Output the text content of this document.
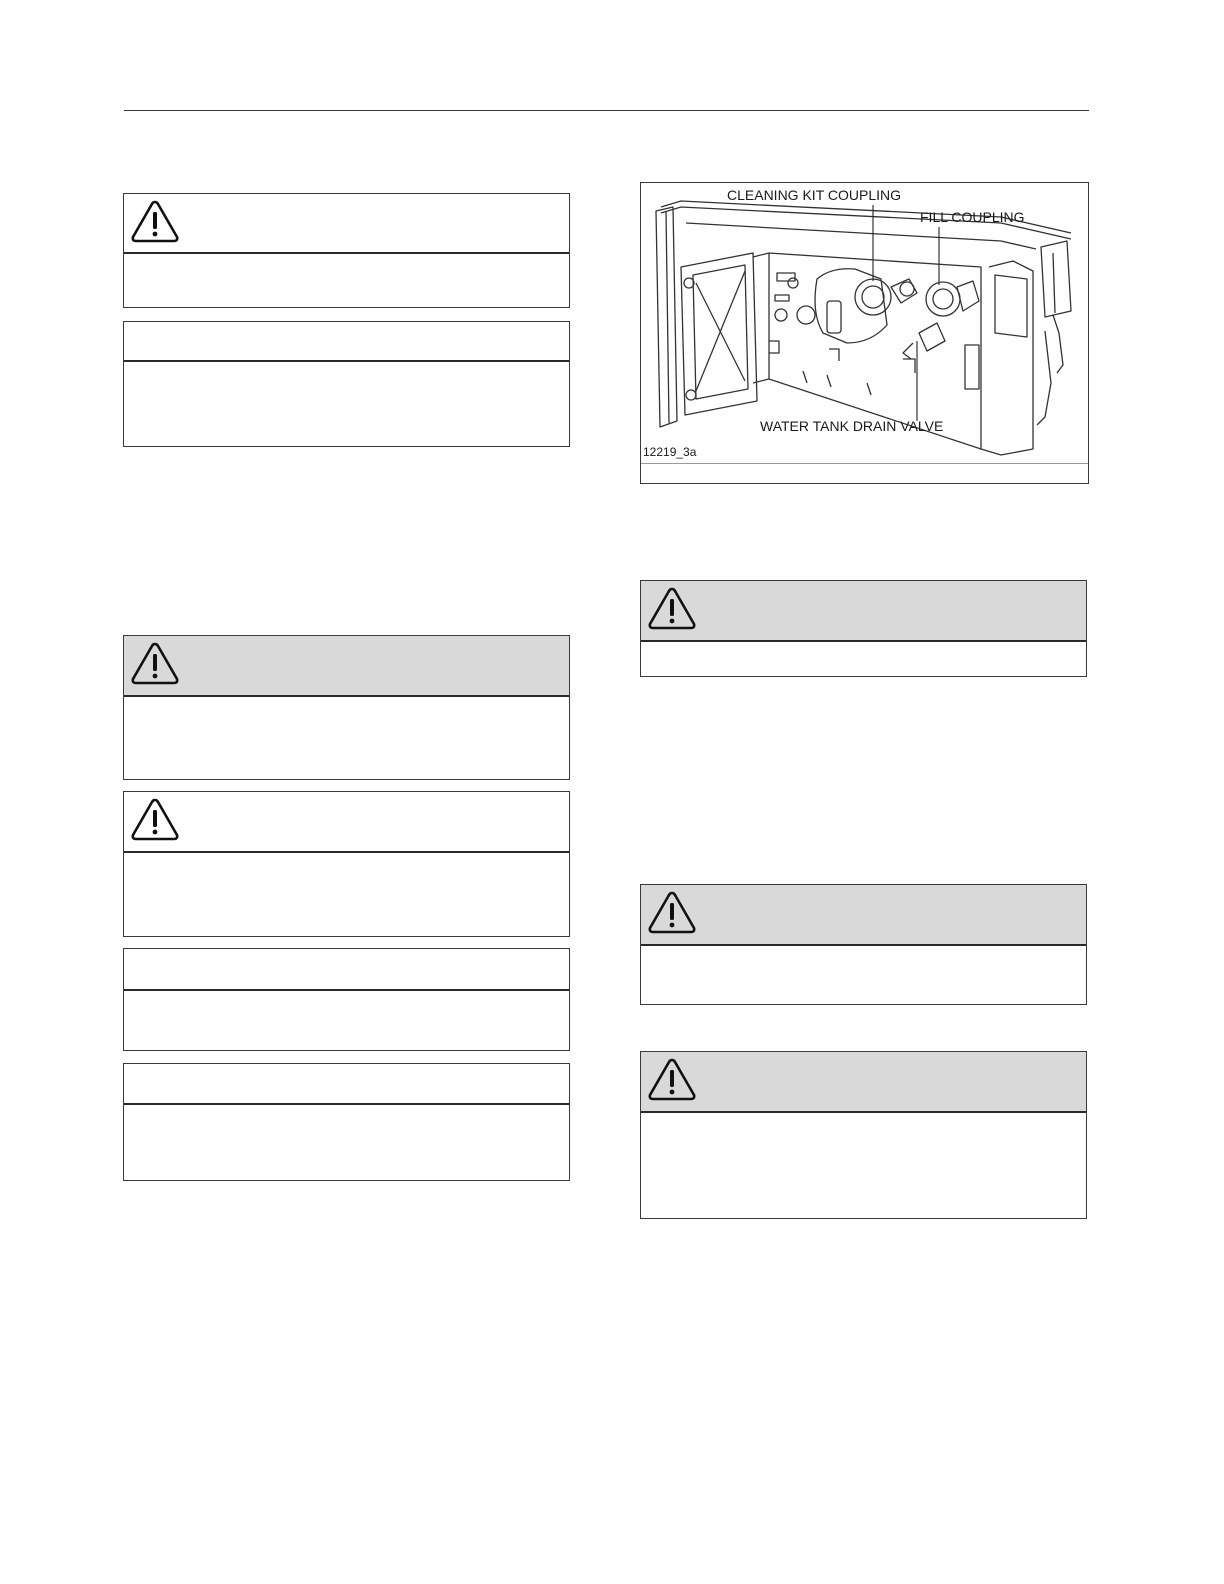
CLEANING KIT COUPLING
FILL COUPLING
WATER TANK DRAIN VALVE
12219_3a
